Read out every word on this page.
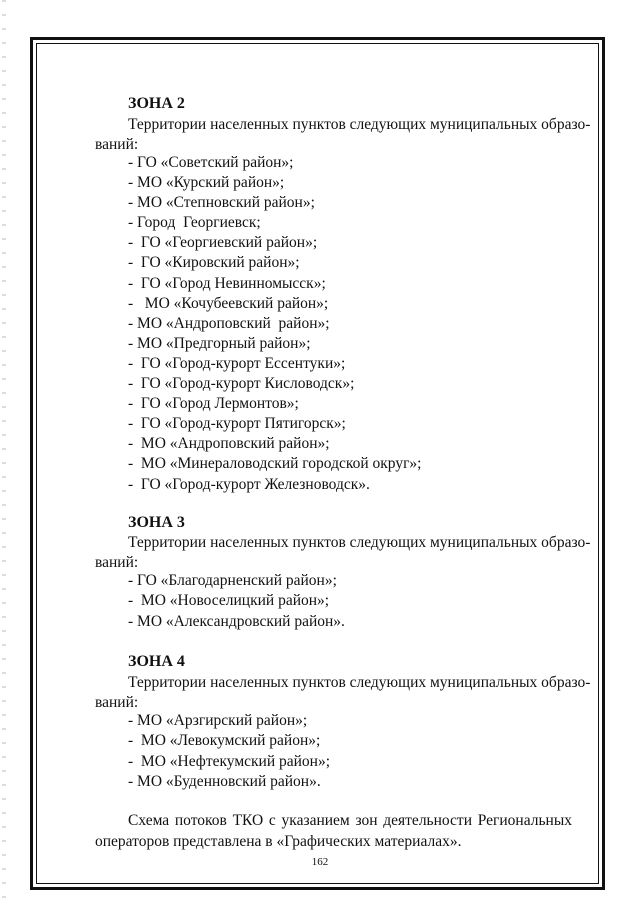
ЗОНА 2
Территории населенных пунктов следующих муниципальных образо-
ваний:
- ГО «Советский район»;
- МО «Курский район»;
- МО «Степновский район»;
- Город  Георгиевск;
-  ГО «Георгиевский район»;
-  ГО «Кировский район»;
-  ГО «Город Невинномысск»;
-   МО «Кочубеевский район»;
- МО «Андроповский  район»;
- МО «Предгорный район»;
-  ГО «Город-курорт Ессентуки»;
-  ГО «Город-курорт Кисловодск»;
-  ГО «Город Лермонтов»;
-  ГО «Город-курорт Пятигорск»;
-  МО «Андроповский район»;
-  МО «Минераловодский городской округ»;
-  ГО «Город-курорт Железноводск».
ЗОНА 3
Территории населенных пунктов следующих муниципальных образо-
ваний:
- ГО «Благодарненский район»;
-  МО «Новоселицкий район»;
- МО «Александровский район».
ЗОНА 4
Территории населенных пунктов следующих муниципальных образо-
ваний:
- МО «Арзгирский район»;
-  МО «Левокумский район»;
-  МО «Нефтекумский район»;
- МО «Буденновский район».
Схема потоков ТКО с указанием зон деятельности Региональных
операторов представлена в «Графических материалах».
162
